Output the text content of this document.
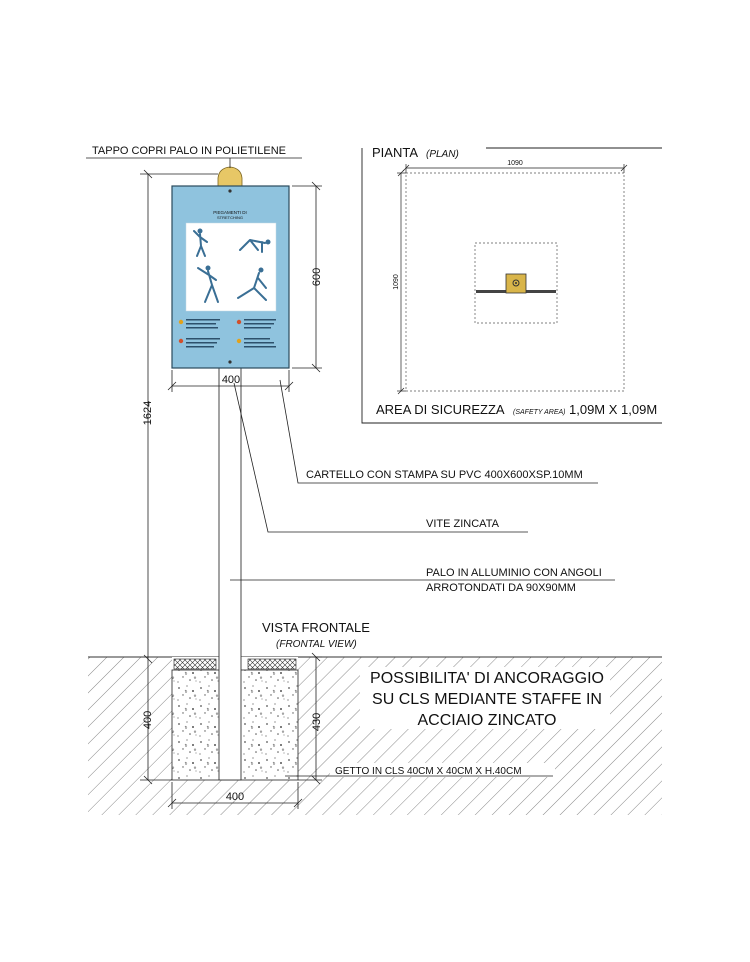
PIEGAMENTI DI
STRETCHING
1624
400
600
400
430
400
TAPPO COPRI PALO IN POLIETILENE
CARTELLO CON STAMPA SU PVC 400X600XSP.10MM
VITE ZINCATA
PALO IN ALLUMINIO CON ANGOLI
ARROTONDATI DA 90X90MM
VISTA FRONTALE
(FRONTAL VIEW)
POSSIBILITA' DI ANCORAGGIO
SU CLS MEDIANTE STAFFE IN
ACCIAIO ZINCATO
GETTO IN CLS 40CM X 40CM X H.40CM
PIANTA (PLAN)
1090
1090
AREA DI SICUREZZA (SAFETY AREA) 1,09M X 1,09M
